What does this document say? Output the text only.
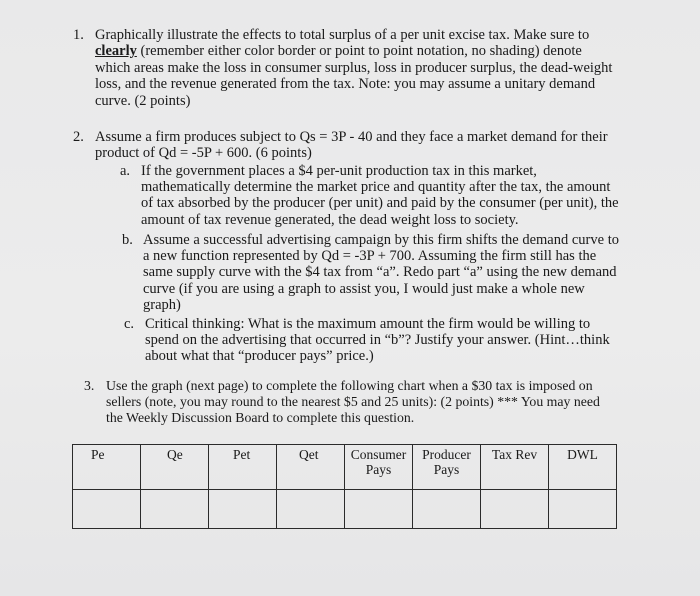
1. Graphically illustrate the effects to total surplus of a per unit excise tax. Make sure to
clearly (remember either color border or point to point notation, no shading) denote
which areas make the loss in consumer surplus, loss in producer surplus, the dead-weight
loss, and the revenue generated from the tax. Note: you may assume a unitary demand
curve. (2 points)
2. Assume a firm produces subject to Qs = 3P - 40 and they face a market demand for their
product of Qd = -5P + 600. (6 points)
a. If the government places a $4 per-unit production tax in this market,
mathematically determine the market price and quantity after the tax, the amount
of tax absorbed by the producer (per unit) and paid by the consumer (per unit), the
amount of tax revenue generated, the dead weight loss to society.
b. Assume a successful advertising campaign by this firm shifts the demand curve to
a new function represented by Qd = -3P + 700. Assuming the firm still has the
same supply curve with the $4 tax from “a”. Redo part “a” using the new demand
curve (if you are using a graph to assist you, I would just make a whole new
graph)
c. Critical thinking: What is the maximum amount the firm would be willing to
spend on the advertising that occurred in “b”? Justify your answer. (Hint…think
about what that “producer pays” price.)
3. Use the graph (next page) to complete the following chart when a $30 tax is imposed on
sellers (note, you may round to the nearest $5 and 25 units): (2 points) *** You may need
the Weekly Discussion Board to complete this question.
Pe	Qe	Pet	Qet	Consumer Pays	Producer Pays	Tax Rev	DWL
